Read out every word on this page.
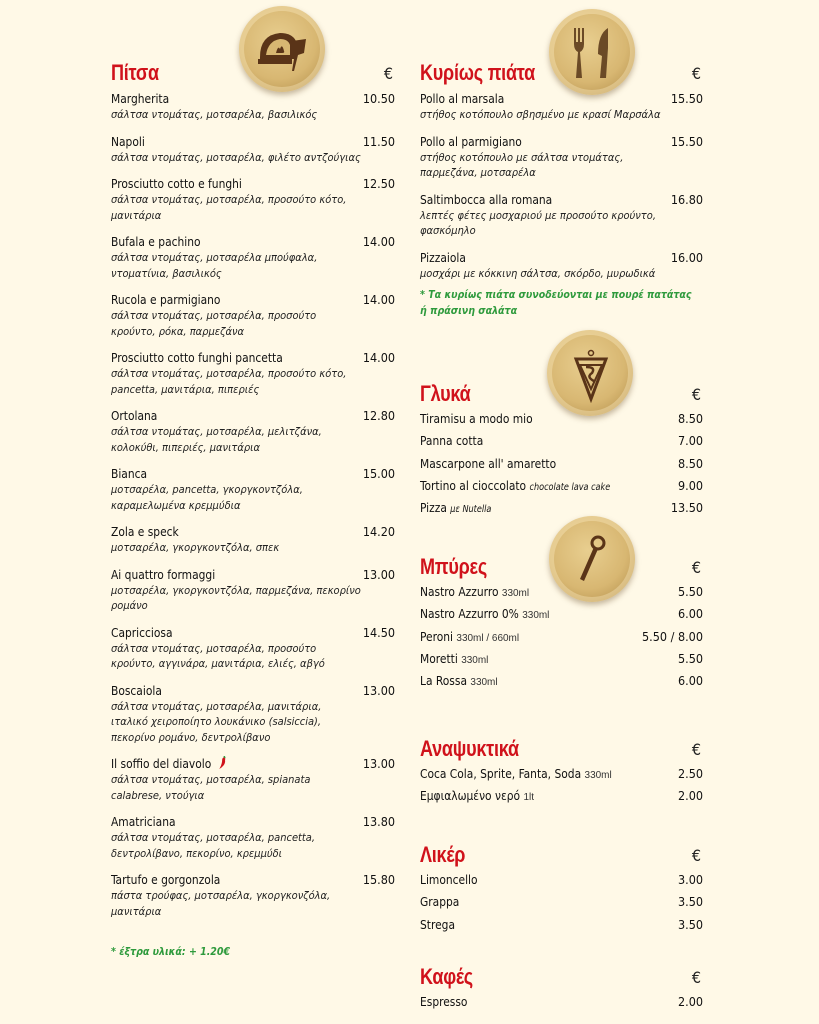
Πίτσα	€
Margherita	10.50
σάλτσα ντομάτας, μοτσαρέλα, βασιλικός
Napoli	11.50
σάλτσα ντομάτας, μοτσαρέλα, φιλέτο αντζούγιας
Prosciutto cotto e funghi	12.50
σάλτσα ντομάτας, μοτσαρέλα, προσούτο κότο, μανιτάρια
Bufala e pachino	14.00
σάλτσα ντομάτας, μοτσαρέλα μπούφαλα, ντοματίνια, βασιλικός
Rucola e parmigiano	14.00
σάλτσα ντομάτας, μοτσαρέλα, προσούτο κρούντο, ρόκα, παρμεζάνα
Prosciutto cotto funghi pancetta	14.00
σάλτσα ντομάτας, μοτσαρέλα, προσούτο κότο, pancetta, μανιτάρια, πιπεριές
Ortolana	12.80
σάλτσα ντομάτας, μοτσαρέλα, μελιτζάνα, κολοκύθι, πιπεριές, μανιτάρια
Bianca	15.00
μοτσαρέλα, pancetta, γκοργκοντζόλα, καραμελωμένα κρεμμύδια
Zola e speck	14.20
μοτσαρέλα, γκοργκοντζόλα, σπεκ
Ai quattro formaggi	13.00
μοτσαρέλα, γκοργκοντζόλα, παρμεζάνα, πεκορίνο ρομάνο
Capricciosa	14.50
σάλτσα ντομάτας, μοτσαρέλα, προσούτο κρούντο, αγγινάρα, μανιτάρια, ελιές, αβγό
Boscaiola	13.00
σάλτσα ντομάτας, μοτσαρέλα, μανιτάρια, ιταλικό χειροποίητο λουκάνικο (salsiccia), πεκορίνο ρομάνο, δεντρολίβανο
Il soffio del diavolo	13.00
σάλτσα ντομάτας, μοτσαρέλα, spianata calabrese, ντούγια
Amatriciana	13.80
σάλτσα ντομάτας, μοτσαρέλα, pancetta, δεντρολίβανο, πεκορίνο, κρεμμύδι
Tartufo e gorgonzola	15.80
πάστα τρούφας, μοτσαρέλα, γκοργκονζόλα, μανιτάρια
* έξτρα υλικά: + 1.20€
Κυρίως πιάτα	€
Pollo al marsala	15.50
στήθος κοτόπουλο σβησμένο με κρασί Μαρσάλα
Pollo al parmigiano	15.50
στήθος κοτόπουλο με σάλτσα ντομάτας, παρμεζάνα, μοτσαρέλα
Saltimbocca alla romana	16.80
λεπτές φέτες μοσχαριού με προσούτο κρούντο, φασκόμηλο
Pizzaiola	16.00
μοσχάρι με κόκκινη σάλτσα, σκόρδο, μυρωδικά
* Τα κυρίως πιάτα συνοδεύονται με πουρέ πατάτας ή πράσινη σαλάτα
Γλυκά	€
Tiramisu a modo mio	8.50
Panna cotta	7.00
Mascarpone all' amaretto	8.50
Tortino al cioccolato chocolate lava cake	9.00
Pizza με Nutella	13.50
Μπύρες	€
Nastro Azzurro 330ml	5.50
Nastro Azzurro 0% 330ml	6.00
Peroni 330ml / 660ml	5.50 / 8.00
Moretti 330ml	5.50
La Rossa 330ml	6.00
Αναψυκτικά	€
Coca Cola, Sprite, Fanta, Soda 330ml	2.50
Εμφιαλωμένο νερό 1lt	2.00
Λικέρ	€
Limoncello	3.00
Grappa	3.50
Strega	3.50
Καφές	€
Espresso	2.00
